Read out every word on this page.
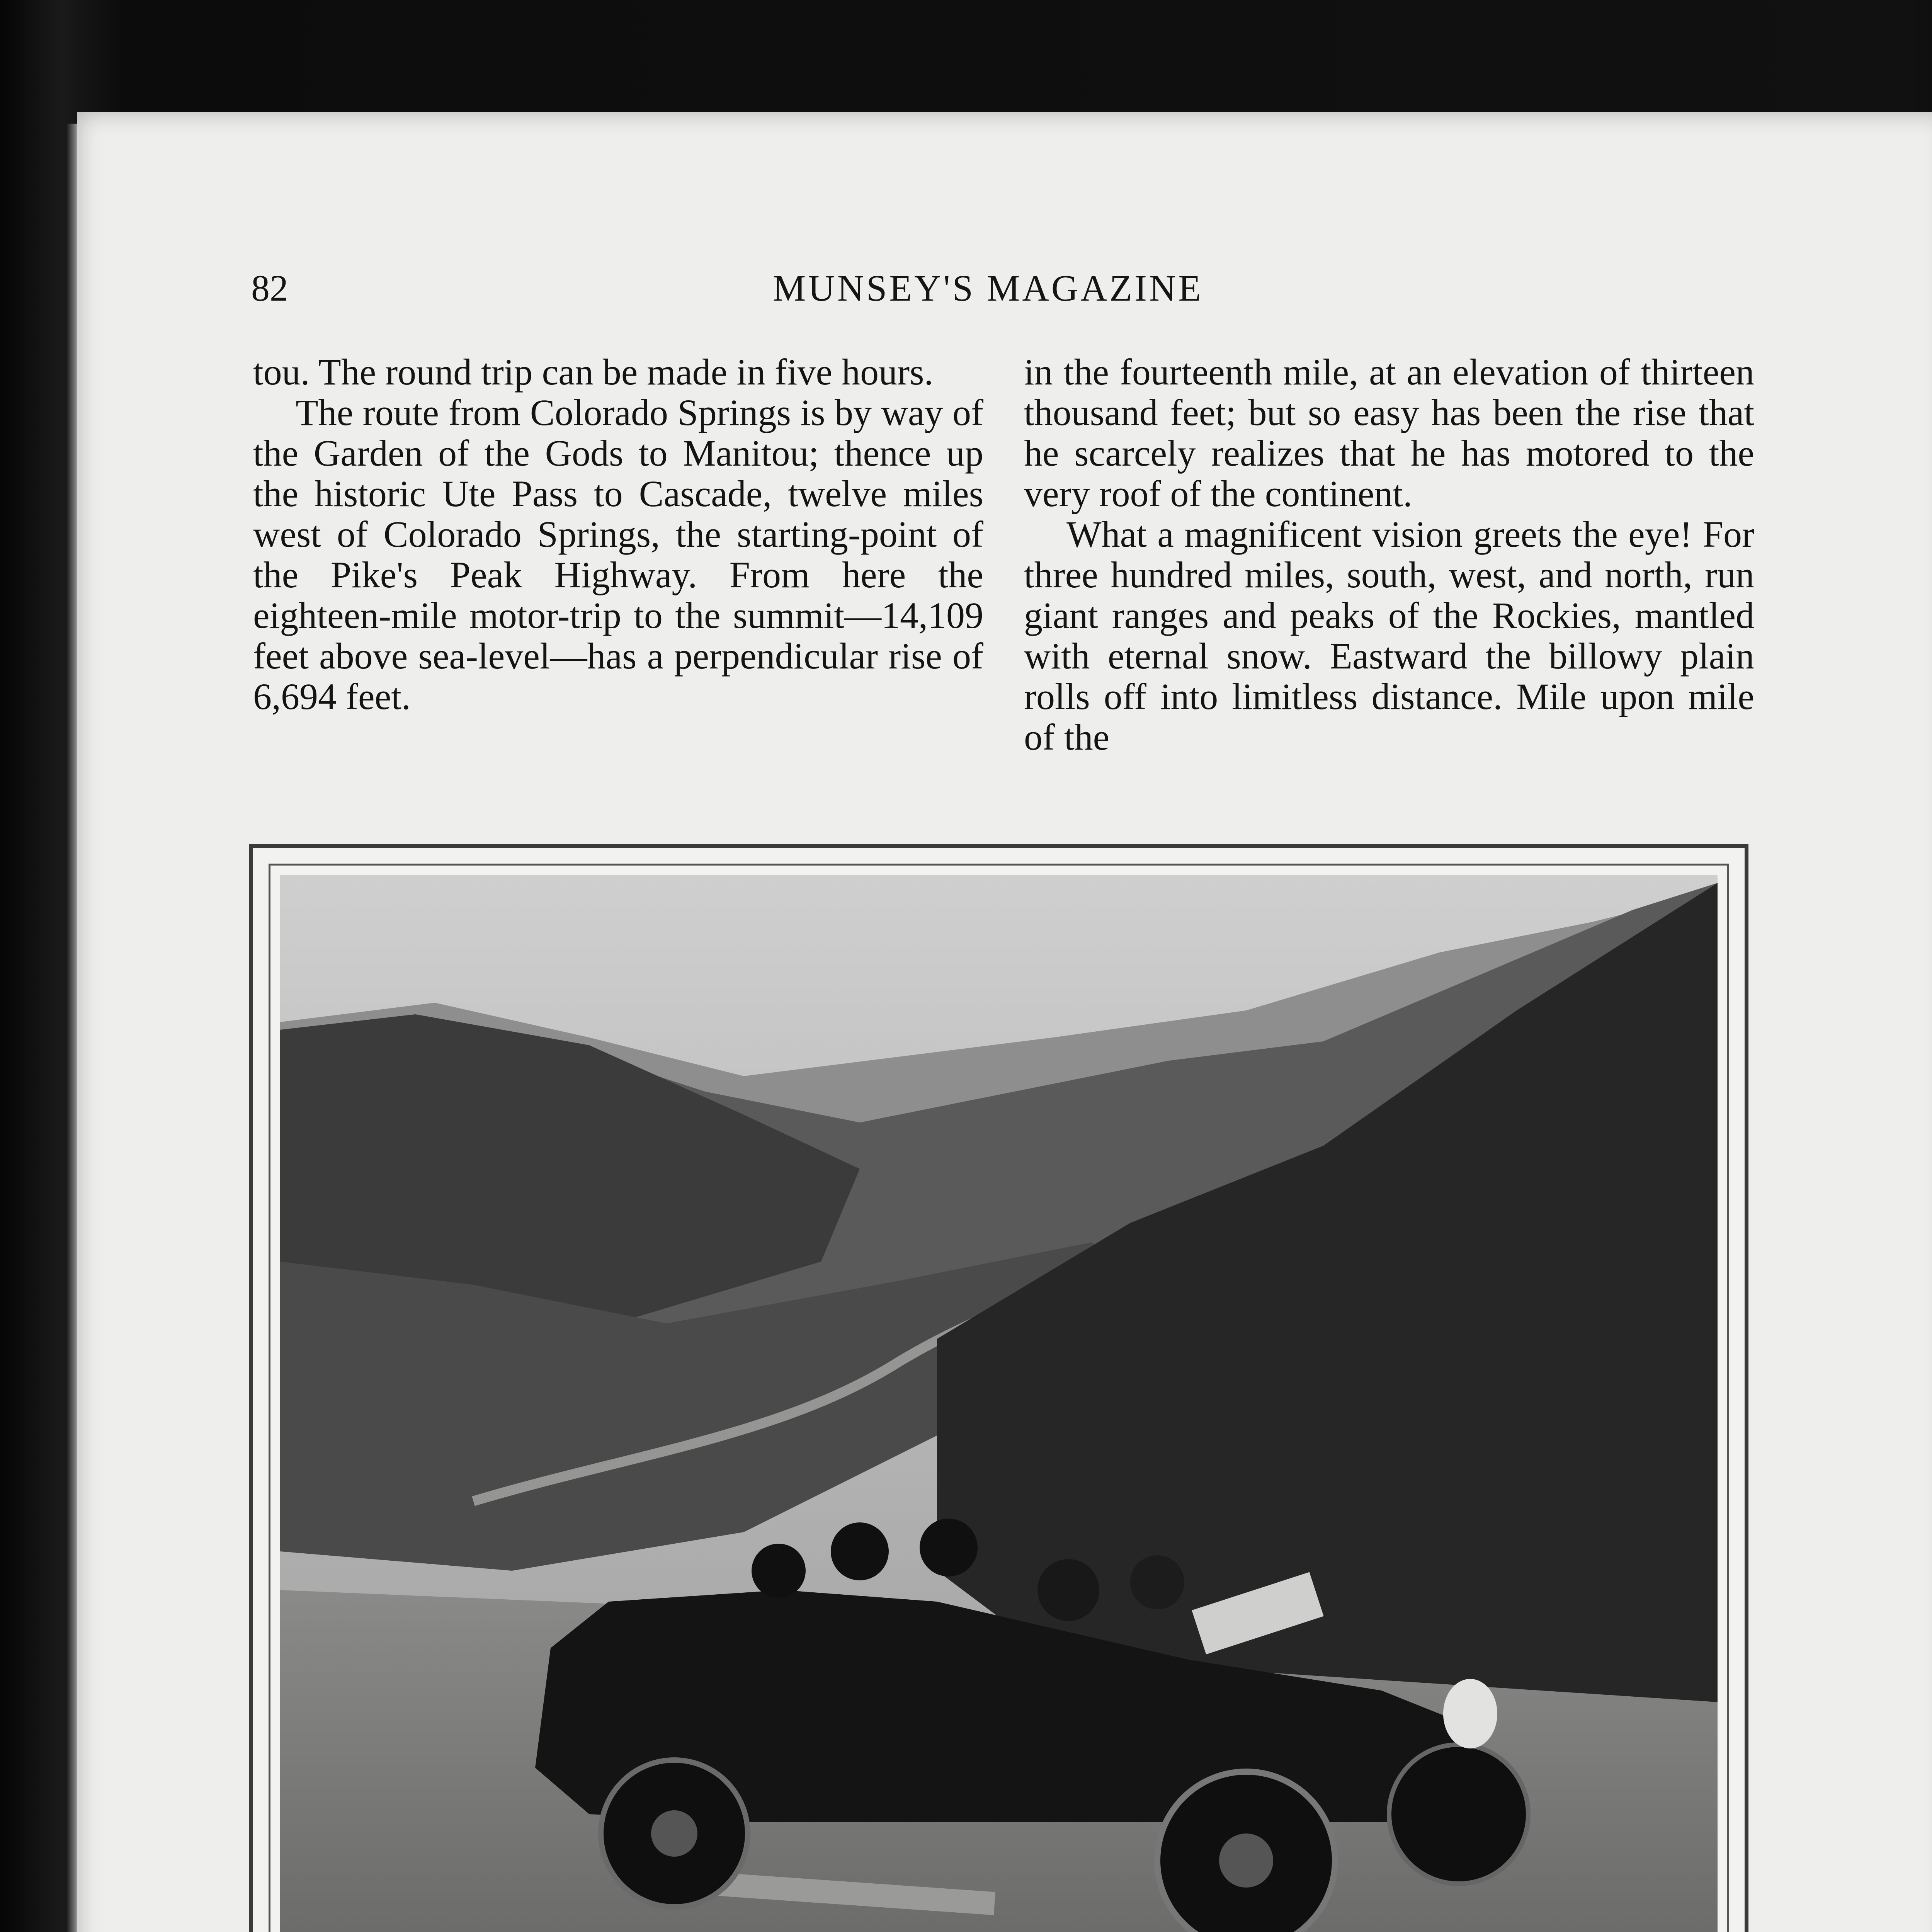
82	MUNSEY'S MAGAZINE

tou. The round trip can be made in five hours.

The route from Colorado Springs is by way of the Garden of the Gods to Manitou; thence up the historic Ute Pass to Cascade, twelve miles west of Colorado Springs, the starting-point of the Pike's Peak Highway. From here the eighteen-mile motor-trip to the summit—14,109 feet above sea-level—has a perpendicular rise of 6,694 feet.

in the fourteenth mile, at an elevation of thirteen thousand feet; but so easy has been the rise that he scarcely realizes that he has motored to the very roof of the continent.

What a magnificent vision greets the eye! For three hundred miles, south, west, and north, run giant ranges and peaks of the Rockies, mantled with eternal snow. Eastward the billowy plain rolls off into limitless distance. Mile upon mile of the
